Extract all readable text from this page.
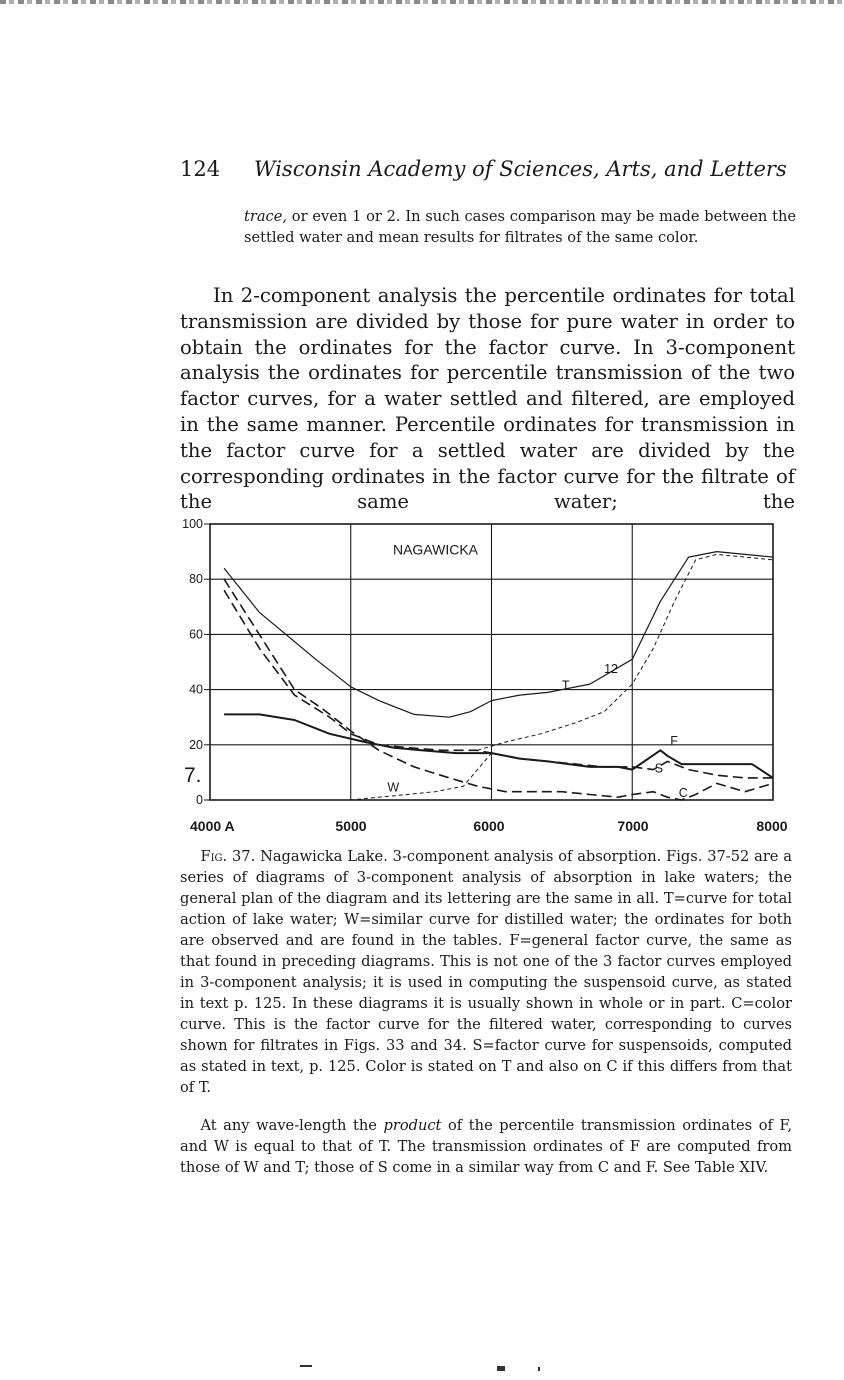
124 Wisconsin Academy of Sciences, Arts, and Letters

trace, or even 1 or 2. In such cases comparison may be made between the settled water and mean results for filtrates of the same color.

In 2-component analysis the percentile ordinates for total transmission are divided by those for pure water in order to obtain the ordinates for the factor curve. In 3-component analysis the ordinates for percentile transmission of the two factor curves, for a water settled and filtered, are employed in the same manner. Percentile ordinates for transmission in the factor curve for a settled water are divided by the corresponding ordinates in the factor curve for the filtrate of the same water; the

0
20
40
60
80
100
7.
4000 A	5000	6000	7000	8000
NAGAWICKA
12
T
F
S
C
W

Fig. 37. Nagawicka Lake. 3-component analysis of absorption. Figs. 37-52 are a series of diagrams of 3-component analysis of absorption in lake waters; the general plan of the diagram and its lettering are the same in all. T=curve for total action of lake water; W=similar curve for distilled water; the ordinates for both are observed and are found in the tables. F=general factor curve, the same as that found in preceding diagrams. This is not one of the 3 factor curves employed in 3-component analysis; it is used in computing the suspensoid curve, as stated in text p. 125. In these diagrams it is usually shown in whole or in part. C=color curve. This is the factor curve for the filtered water, corresponding to curves shown for filtrates in Figs. 33 and 34. S=factor curve for suspensoids, computed as stated in text, p. 125. Color is stated on T and also on C if this differs from that of T.

At any wave-length the product of the percentile transmission ordinates of F, and W is equal to that of T. The transmission ordinates of F are computed from those of W and T; those of S come in a similar way from C and F. See Table XIV.
